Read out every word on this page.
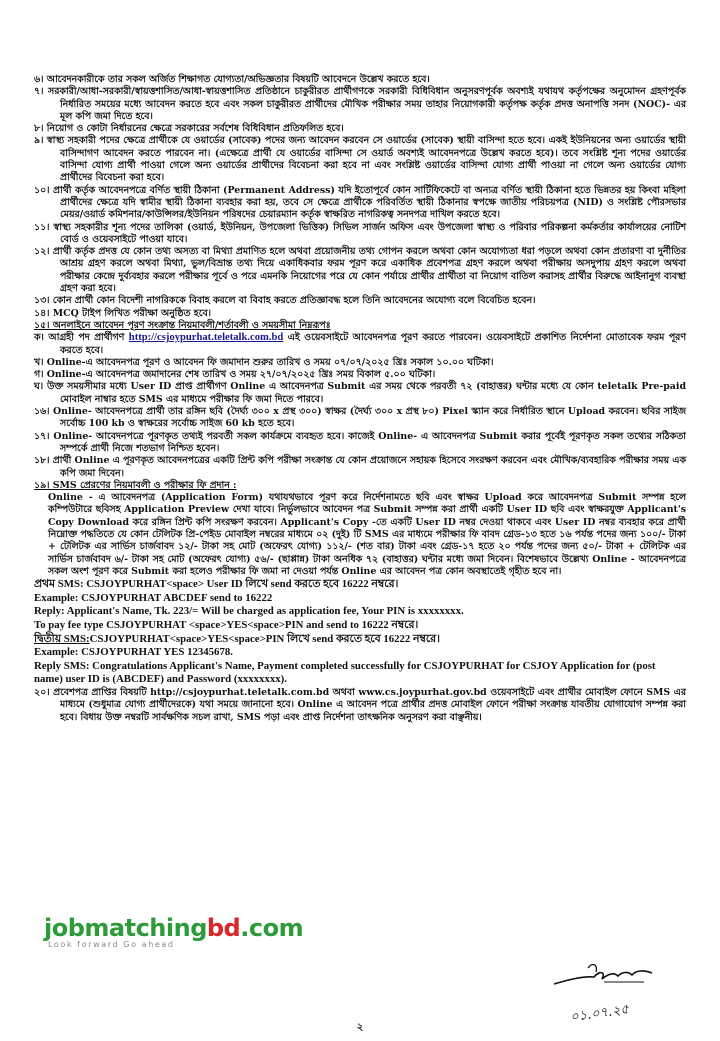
৬। আবেদনকারীকে তার সকল অর্জিত শিক্ষাগত যোগ্যতা/অভিজ্ঞতার বিষয়টি আবেদনে উল্লেখ করতে হবে।

৭। সরকারী/আধা-সরকারী/স্বায়ত্তশাসিত/আধা-স্বায়ত্তশাসিত প্রতিষ্ঠানে চাকুরীরত প্রার্থীগণকে সরকারী বিধিবিধান অনুসরণপূর্বক অবশ্যই যথাযথ কর্তৃপক্ষের অনুমোদন গ্রহণপূর্বক নির্ধারিত সময়ের মধ্যে আবেদন করতে হবে এবং সকল চাকুরীরত প্রার্থীদের মৌখিক পরীক্ষার সময় তাহার নিয়োগকারী কর্তৃপক্ষ কর্তৃক প্রদত্ত অনাপত্তি সনদ (NOC)- এর মূল কপি জমা দিতে হবে।

৮। নিয়োগ ও কোটা নির্ধারনের ক্ষেত্রে সরকারের সর্বশেষ বিধিবিধান প্রতিফলিত হবে।

৯। স্বাস্থ্য সহকারী পদের ক্ষেত্রে প্রার্থীকে যে ওয়ার্ডের (সাবেক) পদের জন্য আবেদন করবেন সে ওয়ার্ডের (সাবেক) স্থায়ী বাসিন্দা হতে হবে। একই ইউনিয়নের অন্য ওয়ার্ডের স্থায়ী বাসিন্দাগণ আবেদন করতে পারবেন না। (এক্ষেত্রে প্রার্থী যে ওয়ার্ডের বাসিন্দা সে ওয়ার্ড অবশ্যই আবেদনপত্রে উল্লেখ করতে হবে)। তবে সংশ্লিষ্ট শূন্য পদের ওয়ার্ডের বাসিন্দা যোগ্য প্রার্থী পাওয়া গেলে অন্য ওয়ার্ডের প্রার্থীদের বিবেচনা করা হবে না এবং সংশ্লিষ্ট ওয়ার্ডের বাসিন্দা যোগ্য প্রার্থী পাওয়া না গেলে অন্য ওয়ার্ডের যোগ্য প্রার্থীদের বিবেচনা করা হবে।

১০। প্রার্থী কর্তৃক আবেদনপত্রে বর্ণিত স্থায়ী ঠিকানা (Permanent Address) যদি ইতোপূর্বে কোন সার্টিফিকেটে বা অন্যত্র বর্ণিত স্থায়ী ঠিকানা হতে ভিন্নতর হয় কিংবা মহিলা প্রার্থীদের ক্ষেত্রে যদি স্বামীর স্থায়ী ঠিকানা ব্যবহার করা হয়, তবে সে ক্ষেত্রে প্রার্থীকে পরিবর্তিত স্থায়ী ঠিকানার স্বপক্ষে জাতীয় পরিচয়পত্র (NID) ও সংশ্লিষ্ট পৌরসভার মেয়র/ওয়ার্ড কমিশনার/কাউন্সিলর/ইউনিয়ন পরিষদের চেয়ারম্যান কর্তৃক স্বাক্ষরিত নাগরিকত্ব সনদপত্র দাখিল করতে হবে।

১১। স্বাস্থ্য সহকারীর শূন্য পদের তালিকা (ওয়ার্ড, ইউনিয়ন, উপজেলা ভিত্তিক) সিভিল সার্জন অফিস এবং উপজেলা স্বাস্থ্য ও পরিবার পরিকল্পনা কর্মকর্তার কার্যালয়ের নোটিশ বোর্ড ও ওয়েবসাইটে পাওয়া যাবে।

১২। প্রার্থী কর্তৃক প্রদত্ত যে কোন তথ্য অসত্য বা মিথ্যা প্রমাণিত হলে অথবা প্রয়োজনীয় তথ্য গোপন করলে অথবা কোন অযোগ্যতা ধরা পড়লে অথবা কোন প্রতারণা বা দুর্নীতির আশ্রয় গ্রহণ করলে অথবা মিথ্যা, ভুল/বিভ্রান্ত তথ্য দিয়ে একাধিকবার ফরম পূরণ করে একাধিক প্রবেশপত্র গ্রহণ করলে অথবা পরীক্ষায় অসদুপায় গ্রহণ করলে অথবা পরীক্ষার কেন্দ্রে দুর্ব্যবহার করলে পরীক্ষার পূর্বে ও পরে এমনকি নিয়োগের পরে যে কোন পর্যায়ে প্রার্থীর প্রার্থীতা বা নিয়োগ বাতিল করাসহ প্রার্থীর বিরুদ্ধে আইনানুগ ব্যবস্থা গ্রহণ করা হবে।

১৩। কোন প্রার্থী কোন বিদেশী নাগরিককে বিবাহ করলে বা বিবাহ করতে প্রতিজ্ঞাবদ্ধ হলে তিনি আবেদনের অযোগ্য বলে বিবেচিত হবেন।

১৪। MCQ টাইপ লিখিত পরীক্ষা অনুষ্ঠিত হবে।

১৫। অনলাইনে আবেদন পূরণ সংক্রান্ত নিয়মাবলী/শর্তাবলী ও সময়সীমা নিম্নরূপঃ

ক। আগ্রহী পদ প্রার্থীগণ http://csjoypurhat.teletalk.com.bd এই ওয়েবসাইটে আবেদনপত্র পূরণ করতে পারবেন। ওয়েবসাইটে প্রকাশিত নির্দেশনা মোতাবেক ফরম পূরণ করতে হবে।

খ। Online-এ আবেদনপত্র পূরণ ও আবেদন ফি জমাদান শুরুর তারিখ ও সময় ০৭/০৭/২০২৫ খ্রিঃ সকাল ১০.০০ ঘটিকা।

গ। Online-এ আবেদনপত্র জমাদানের শেষ তারিখ ও সময় ২৭/০৭/২০২৫ খ্রিঃ সময় বিকাল ৫.০০ ঘটিকা।

ঘ। উক্ত সময়সীমার মধ্যে User ID প্রাপ্ত প্রার্থীগণ Online এ আবেদনপত্র Submit এর সময় থেকে পরবর্তী ৭২ (বাহাত্তর) ঘন্টার মধ্যে যে কোন teletalk Pre-paid মোবাইল নাম্বার হতে SMS এর মাধ্যমে পরীক্ষার ফি জমা দিতে পারবে।

১৬। Online- আবেদনপত্রে প্রার্থী তার রঙ্গিন ছবি (দৈর্ঘ্য ৩০০ x প্রস্থ ৩০০) স্বাক্ষর (দৈর্ঘ্য ৩০০ x প্রস্থ ৮০) Pixel স্ক্যান করে নির্ধারিত স্থানে Upload করবেন। ছবির সাইজ সর্বোচ্চ 100 kb ও স্বাক্ষরের সর্বোচ্চ সাইজ 60 kb হতে হবে।

১৭। Online- আবেদনপত্রে পূরণকৃত তথ্যই পরবর্তী সকল কার্যক্রমে ব্যবহৃত হবে। কাজেই Online- এ আবেদনপত্র Submit করার পূর্বেই পূরণকৃত সকল তথ্যের সঠিকতা সম্পর্কে প্রার্থী নিজে শতভাগ নিশ্চিত হবেন।

১৮। প্রার্থী Online এ পূরণকৃত আবেদনপত্রের একটি প্রিন্ট কপি পরীক্ষা সংক্রান্ত যে কোন প্রয়োজনে সহায়ক হিসেবে সংরক্ষণ করবেন এবং মৌখিক/ব্যবহারিক পরীক্ষার সময় এক কপি জমা দিবেন।

১৯। SMS প্রেরণের নিয়মাবলী ও পরীক্ষার ফি প্রদান :

Online - এ আবেদনপত্র (Application Form) যথাযথভাবে পূরণ করে নির্দেশনামতে ছবি এবং স্বাক্ষর Upload করে আবেদনপত্র Submit সম্পন্ন হলে কম্পিউটারে ছবিসহ Application Preview দেখা যাবে। নির্ভুলভাবে আবেদন পত্র Submit সম্পন্ন করা প্রার্থী একটি User ID ছবি এবং স্বাক্ষরযুক্ত Applicant's Copy Download করে রঙ্গিন প্রিন্ট কপি সংরক্ষণ করবেন। Applicant's Copy -তে একটি User ID নম্বর দেওয়া থাকবে এবং User ID নম্বর ব্যবহার করে প্রার্থী নিম্নোক্ত পদ্ধতিতে যে কোন টেলিটক প্রি-পেইড মোবাইল নম্বরের মাধ্যমে ০২ (দুই) টি SMS এর মাধ্যমে পরীক্ষার ফি বাবদ গ্রেড-১৩ হতে ১৬ পর্যন্ত পদের জন্য ১০০/- টাকা + টেলিটক এর সার্ভিস চার্জবাবদ ১২/- টাকা সহ মোট (অফেরৎ যোগ্য) ১১২/- (শত বার) টাকা এবং গ্রেড-১৭ হতে ২০ পর্যন্ত পদের জন্য ৫০/- টাকা + টেলিটক এর সার্ভিস চার্জবাবদ ৬/- টাকা সহ মোট (অফেরৎ যোগ্য) ৫৬/- (ছাপ্পান্ন) টাকা অনধিক ৭২ (বাহাত্তর) ঘন্টার মধ্যে জমা দিবেন। বিশেষভাবে উল্লেখ্য Online - আবেদনপত্রে সকল অংশ পূরণ করে Submit করা হলেও পরীক্ষার ফি জমা না দেওয়া পর্যন্ত Online এর আবেদন পত্র কোন অবস্থাতেই গৃহীত হবে না।

প্রথম SMS: CSJOYPURHAT<space> User ID লিখে send করতে হবে 16222 নম্বরে।

Example: CSJOYPURHAT ABCDEF send to 16222

Reply: Applicant's Name, Tk. 223/= Will be charged as application fee, Your PIN is xxxxxxxx.

To pay fee type CSJOYPURHAT <space>YES<space>PIN and send to 16222 নম্বরে।

দ্বিতীয় SMS:CSJOYPURHAT<space>YES<space>PIN লিখে send করতে হবে 16222 নম্বরে।

Example: CSJOYPURHAT YES 12345678.

Reply SMS: Congratulations Applicant's Name, Payment completed successfully for CSJOYPURHAT for CSJOY Application for (post name) user ID is (ABCDEF) and Password (xxxxxxxx).

২০। প্রবেশপত্র প্রাপ্তির বিষয়টি http://csjoypurhat.teletalk.com.bd অথবা www.cs.joypurhat.gov.bd ওয়েবসাইটে এবং প্রার্থীর মোবাইল ফোনে SMS এর মাধ্যমে (শুধুমাত্র যোগ্য প্রার্থীদেরকে) যথা সময়ে জানানো হবে। Online এ আবেদন পত্রে প্রার্থীর প্রদত্ত মোবাইল ফোনে পরীক্ষা সংক্রান্ত যাবতীয় যোগাযোগ সম্পন্ন করা হবে। বিধায় উক্ত নম্বরটি সার্বক্ষণিক সচল রাখা, SMS পড়া এবং প্রাপ্ত নির্দেশনা তাৎক্ষনিক অনুসরণ করা বাঞ্ছনীয়।

jobmatchingbd.com
Look forward Go ahead
০১.০৭.২৫
২
